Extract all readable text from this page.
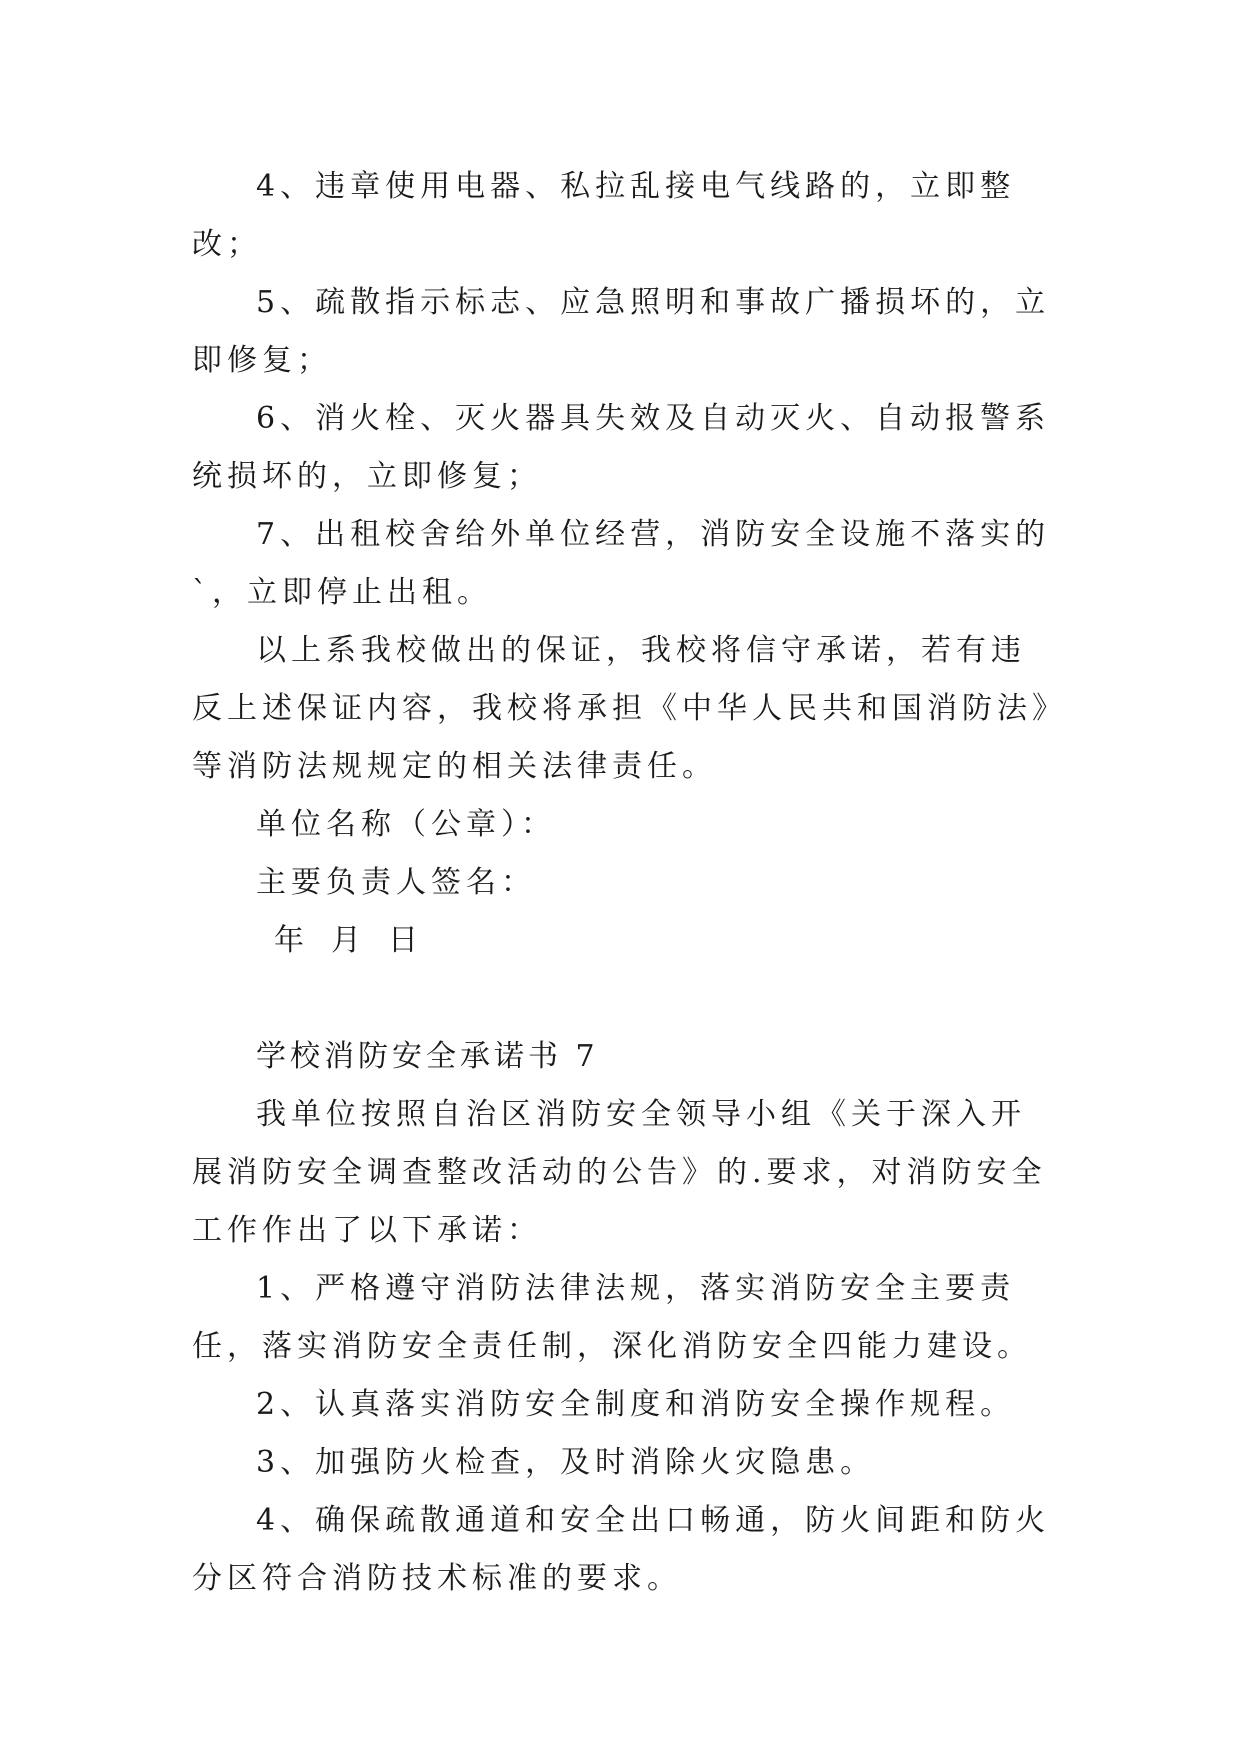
4、违章使用电器、私拉乱接电气线路的，立即整改；

5、疏散指示标志、应急照明和事故广播损坏的，立即修复；

6、消火栓、灭火器具失效及自动灭火、自动报警系统损坏的，立即修复；

7、出租校舍给外单位经营，消防安全设施不落实的`，立即停止出租。

以上系我校做出的保证，我校将信守承诺，若有违反上述保证内容，我校将承担《中华人民共和国消防法》等消防法规规定的相关法律责任。

单位名称（公章）：

主要负责人签名：

年 月 日

学校消防安全承诺书 7

我单位按照自治区消防安全领导小组《关于深入开展消防安全调查整改活动的公告》的.要求，对消防安全工作作出了以下承诺：

1、严格遵守消防法律法规，落实消防安全主要责任，落实消防安全责任制，深化消防安全四能力建设。

2、认真落实消防安全制度和消防安全操作规程。

3、加强防火检查，及时消除火灾隐患。

4、确保疏散通道和安全出口畅通，防火间距和防火分区符合消防技术标准的要求。
